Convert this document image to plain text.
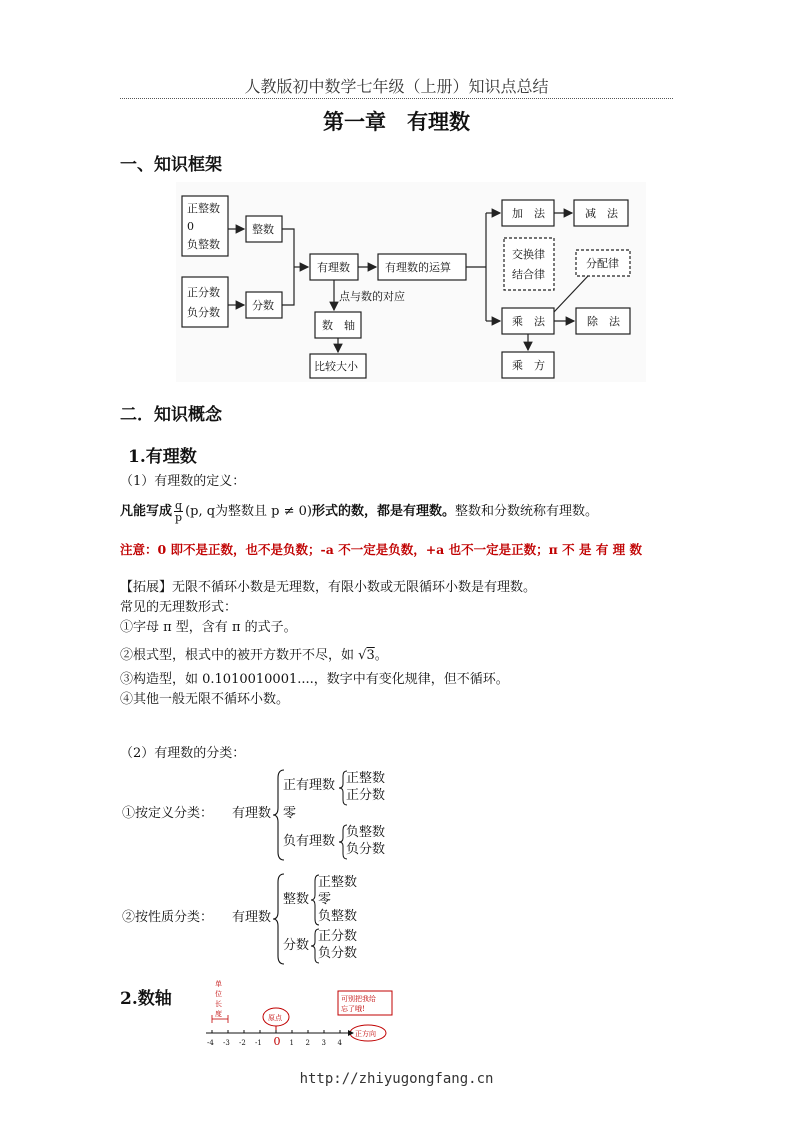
人教版初中数学七年级（上册）知识点总结
第一章　有理数
一、知识框架
正整数
0
负整数
整数
正分数
负分数
分数
有理数	有理数的运算
点与数的对应
数　轴
比较大小
加　法	减　法
交换律
结合律
分配律
乘　法	除　法
乘　方
二．知识概念
1.有理数
（1）有理数的定义：
凡能写成 $\frac{q}{p} (p$, q为整数且 p ≠ 0)形式的数，都是有理数。整数和分数统称有理数。
注意：0 即不是正数，也不是负数；-a 不一定是负数，+a 也不一定是正数；π 不 是 有 理 数
【拓展】无限不循环小数是无理数，有限小数或无限循环小数是有理数。
常见的无理数形式：
①字母 π 型，含有 π 的式子。
②根式型，根式中的被开方数开不尽，如 √3。
③构造型，如 0.1010010001....，数字中有变化规律，但不循环。
④其他一般无限不循环小数。
（2）有理数的分类：
①按定义分类： 有理数
正有理数 正整数
正分数
零
负有理数
负整数
负分数
②按性质分类： 有理数
整数
正整数
零
负整数
分数
正分数
负分数
2.数轴
单
位
长
度	原点
可别把我给
忘了哦!
正方向
-4 -3 -2 -1 0 1 2 3 4
http://zhiyugongfang.cn
